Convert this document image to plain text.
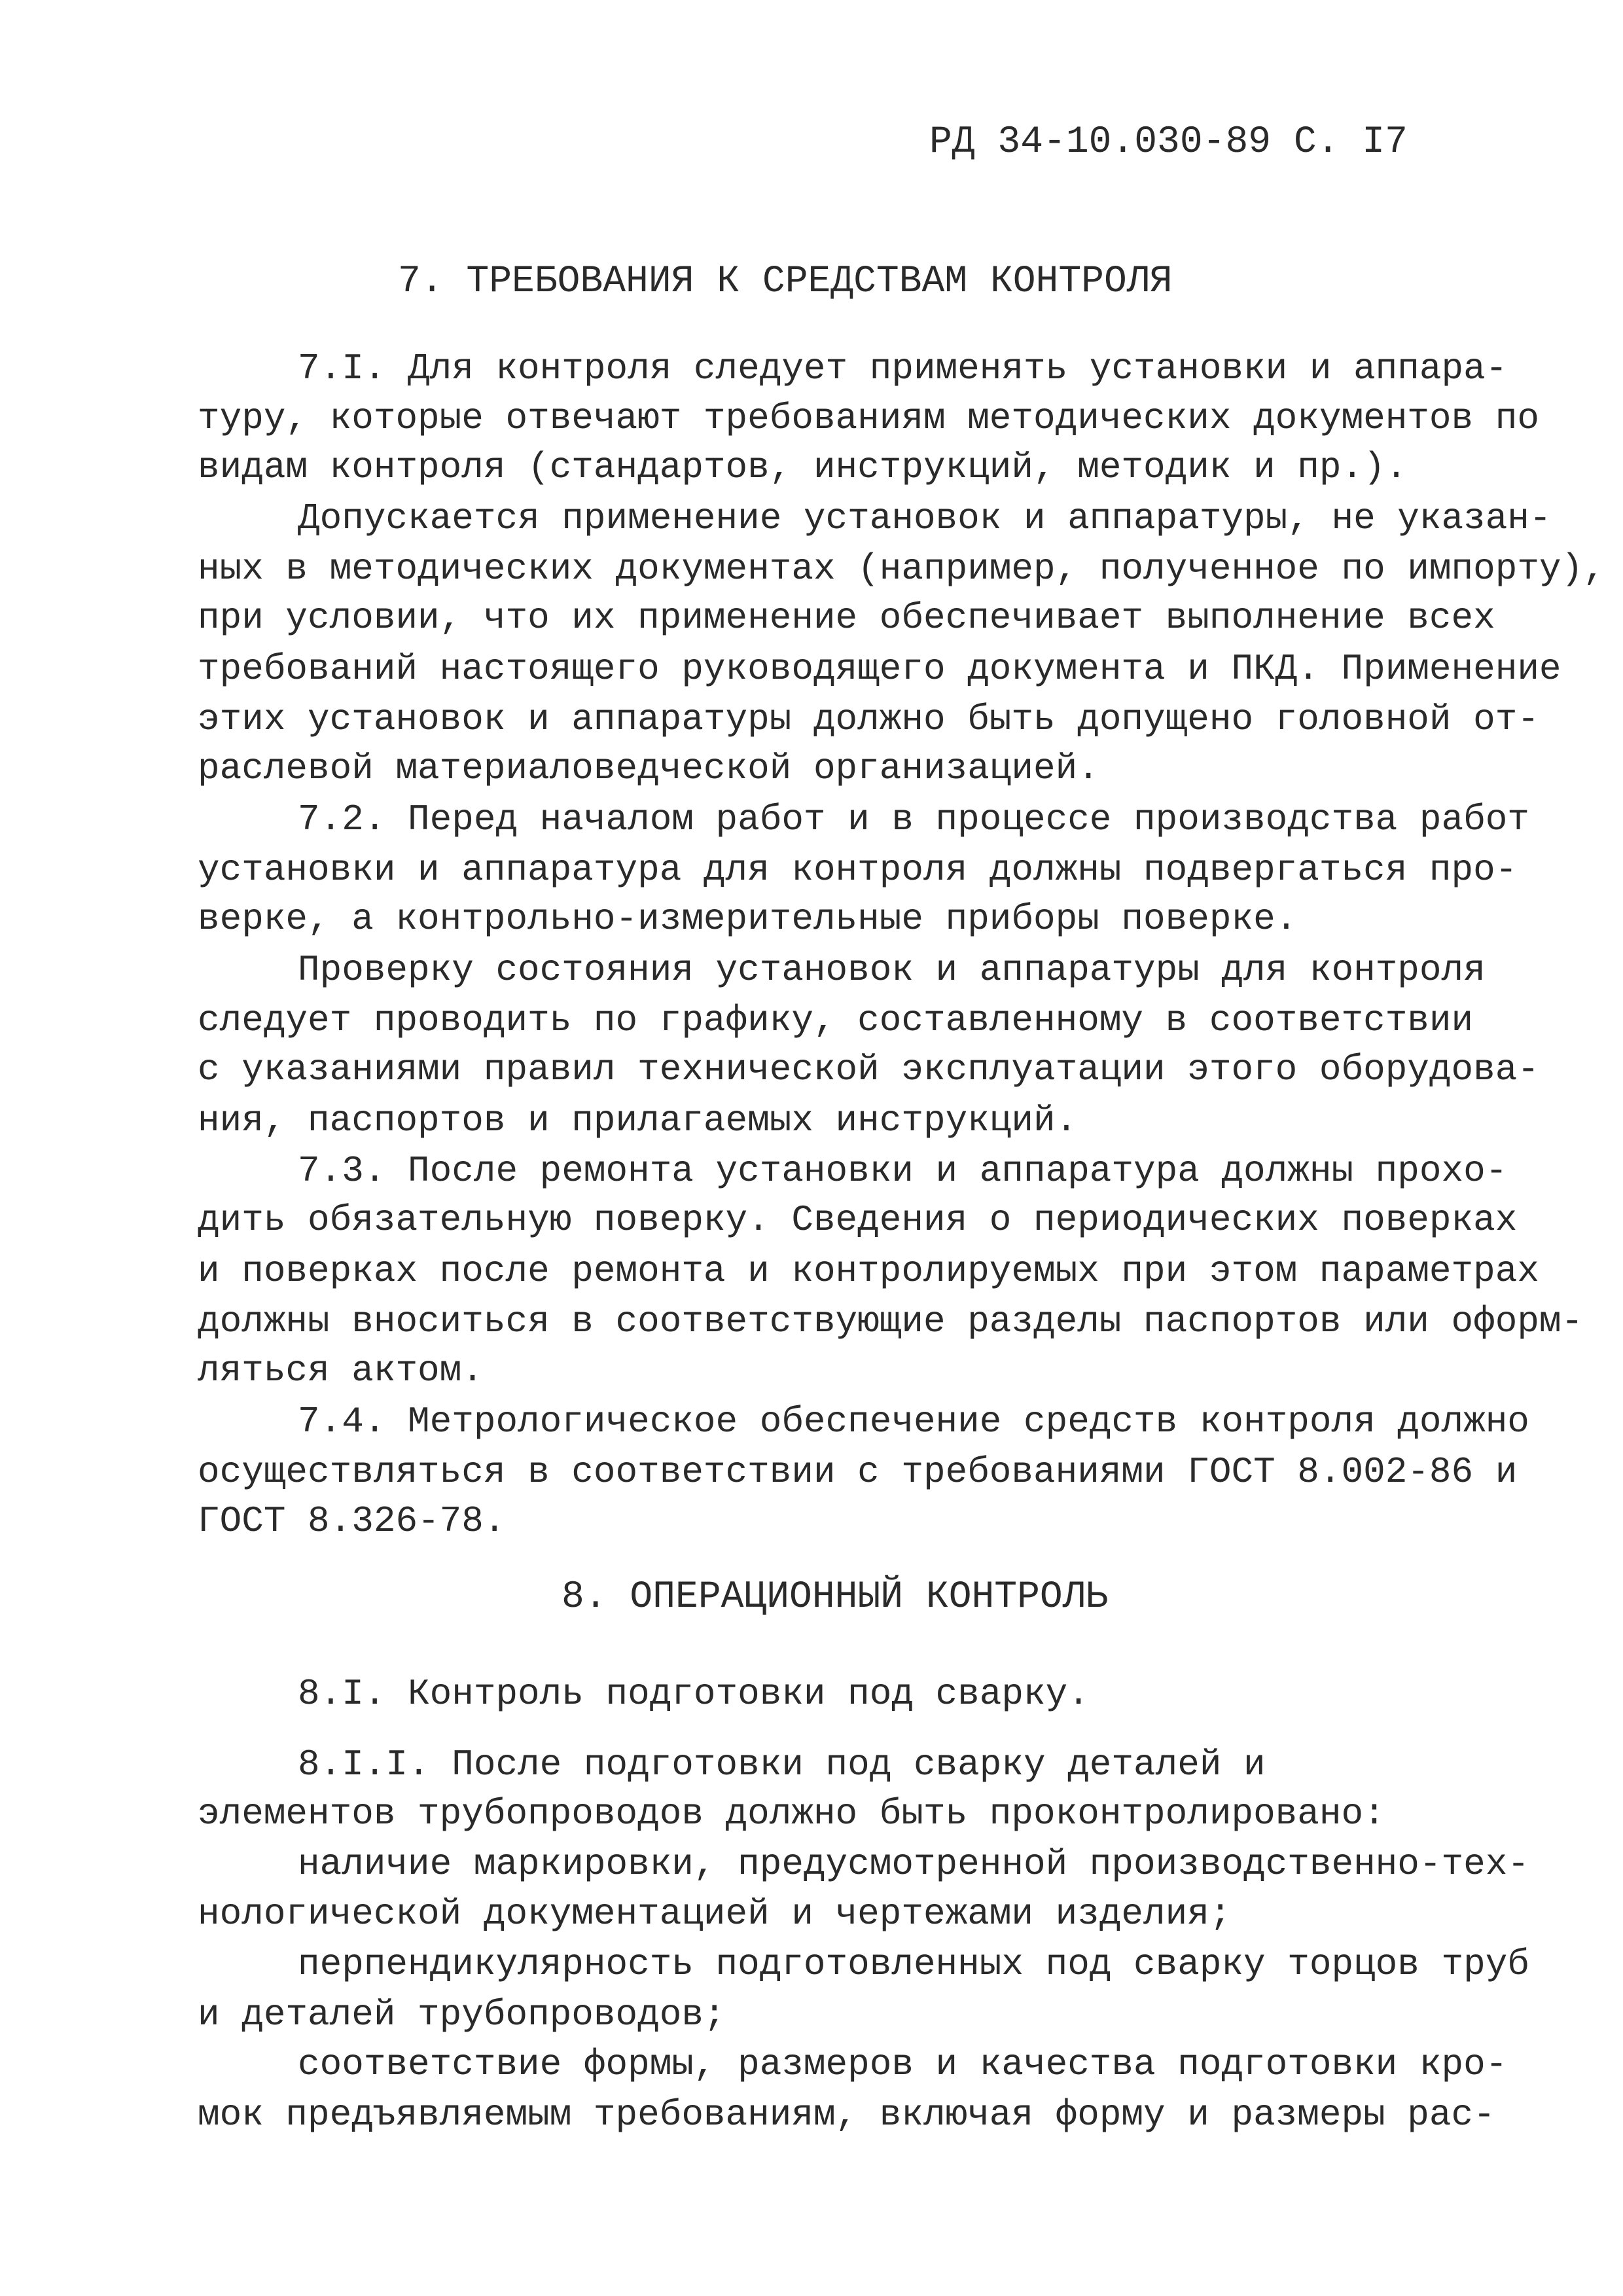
РД 34-10.030-89 С. I7
7. ТРЕБОВАНИЯ К СРЕДСТВАМ КОНТРОЛЯ
7.I. Для контроля следует применять установки и аппара-
туру, которые отвечают требованиям методических документов по
видам контроля (стандартов, инструкций, методик и пр.).
Допускается применение установок и аппаратуры, не указан-
ных в методических документах (например, полученное по импорту),
при условии, что их применение обеспечивает выполнение всех
требований настоящего руководящего документа и ПКД. Применение
этих установок и аппаратуры должно быть допущено головной от-
раслевой материаловедческой организацией.
7.2. Перед началом работ и в процессе производства работ
установки и аппаратура для контроля должны подвергаться про-
верке, а контрольно-измерительные приборы поверке.
Проверку состояния установок и аппаратуры для контроля
следует проводить по графику, составленному в соответствии
с указаниями правил технической эксплуатации этого оборудова-
ния, паспортов и прилагаемых инструкций.
7.3. После ремонта установки и аппаратура должны прохо-
дить обязательную поверку. Сведения о периодических поверках
и поверках после ремонта и контролируемых при этом параметрах
должны вноситься в соответствующие разделы паспортов или оформ-
ляться актом.
7.4. Метрологическое обеспечение средств контроля должно
осуществляться в соответствии с требованиями ГОСТ 8.002-86 и
ГОСТ 8.326-78.
8. ОПЕРАЦИОННЫЙ КОНТРОЛЬ
8.I. Контроль подготовки под сварку.
8.I.I. После подготовки под сварку деталей и
элементов трубопроводов должно быть проконтролировано:
наличие маркировки, предусмотренной производственно-тех-
нологической документацией и чертежами изделия;
перпендикулярность подготовленных под сварку торцов труб
и деталей трубопроводов;
соответствие формы, размеров и качества подготовки кро-
мок предъявляемым требованиям, включая форму и размеры рас-
